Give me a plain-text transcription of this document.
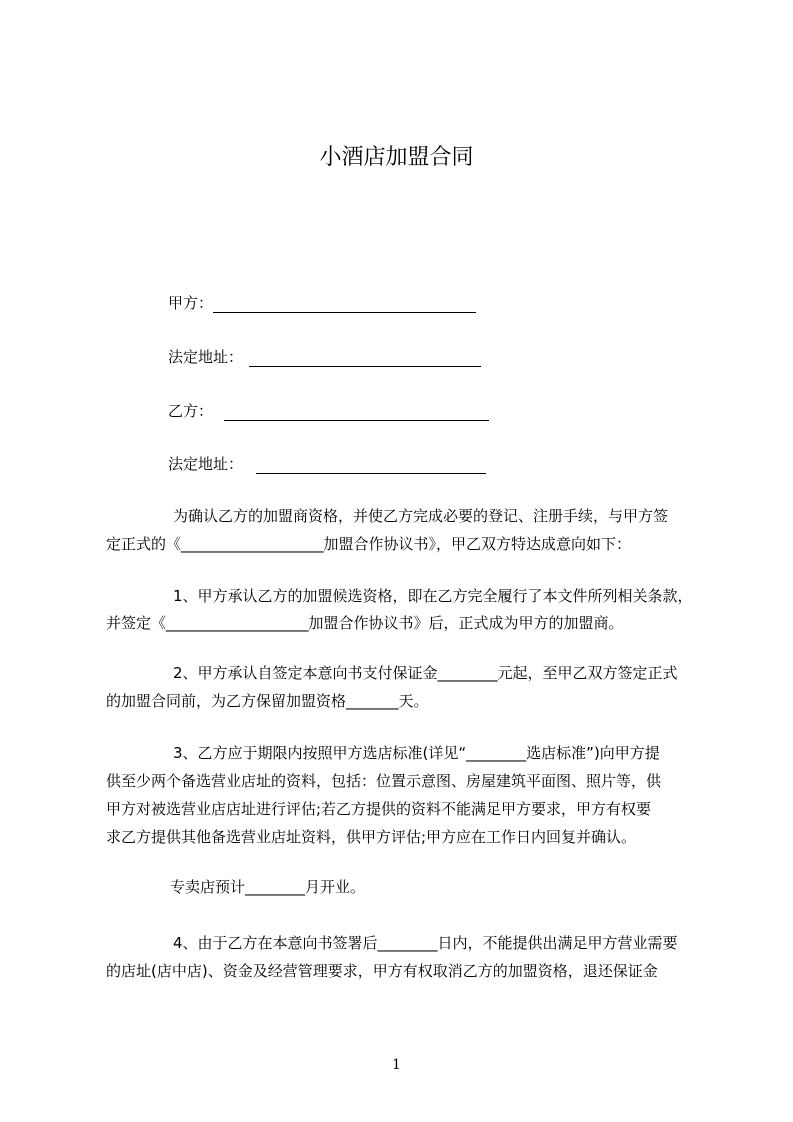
小酒店加盟合同
甲方：
法定地址：
乙方：
法定地址：
为确认乙方的加盟商资格，并使乙方完成必要的登记、注册手续，与甲方签
定正式的《___________________加盟合作协议书》，甲乙双方特达成意向如下：
1、甲方承认乙方的加盟候选资格，即在乙方完全履行了本文件所列相关条款，
并签定《___________________加盟合作协议书》后，正式成为甲方的加盟商。
2、甲方承认自签定本意向书支付保证金________元起，至甲乙双方签定正式
的加盟合同前，为乙方保留加盟资格_______天。
3、乙方应于期限内按照甲方选店标准(详见“________选店标准”)向甲方提
供至少两个备选营业店址的资料，包括：位置示意图、房屋建筑平面图、照片等，供
甲方对被选营业店店址进行评估;若乙方提供的资料不能满足甲方要求，甲方有权要
求乙方提供其他备选营业店址资料，供甲方评估;甲方应在工作日内回复并确认。
专卖店预计________月开业。
4、由于乙方在本意向书签署后________日内，不能提供出满足甲方营业需要
的店址(店中店)、资金及经营管理要求，甲方有权取消乙方的加盟资格，退还保证金
1
